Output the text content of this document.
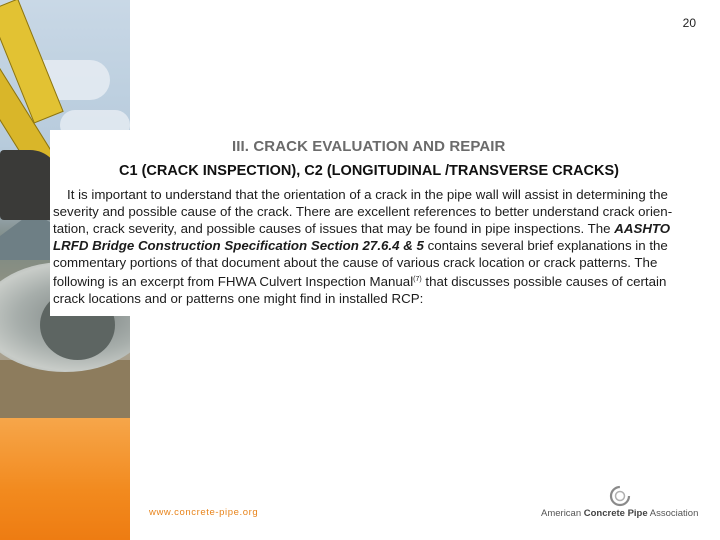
20
III. CRACK EVALUATION AND REPAIR
C1 (CRACK INSPECTION), C2 (LONGITUDINAL /TRANSVERSE CRACKS)
It is important to understand that the orientation of a crack in the pipe wall will assist in determining the
severity and possible cause of the crack. There are excellent references to better understand crack orien-
tation, crack severity, and possible causes of issues that may be found in pipe inspections. The AASHTO
LRFD Bridge Construction Specification Section 27.6.4 & 5 contains several brief explanations in the
commentary portions of that document about the cause of various crack location or crack patterns. The
following is an excerpt from FHWA Culvert Inspection Manual$^{(7)}$ that discusses possible causes of certain
crack locations and or patterns one might find in installed RCP:
www.concrete-pipe.org	American Concrete Pipe Association
